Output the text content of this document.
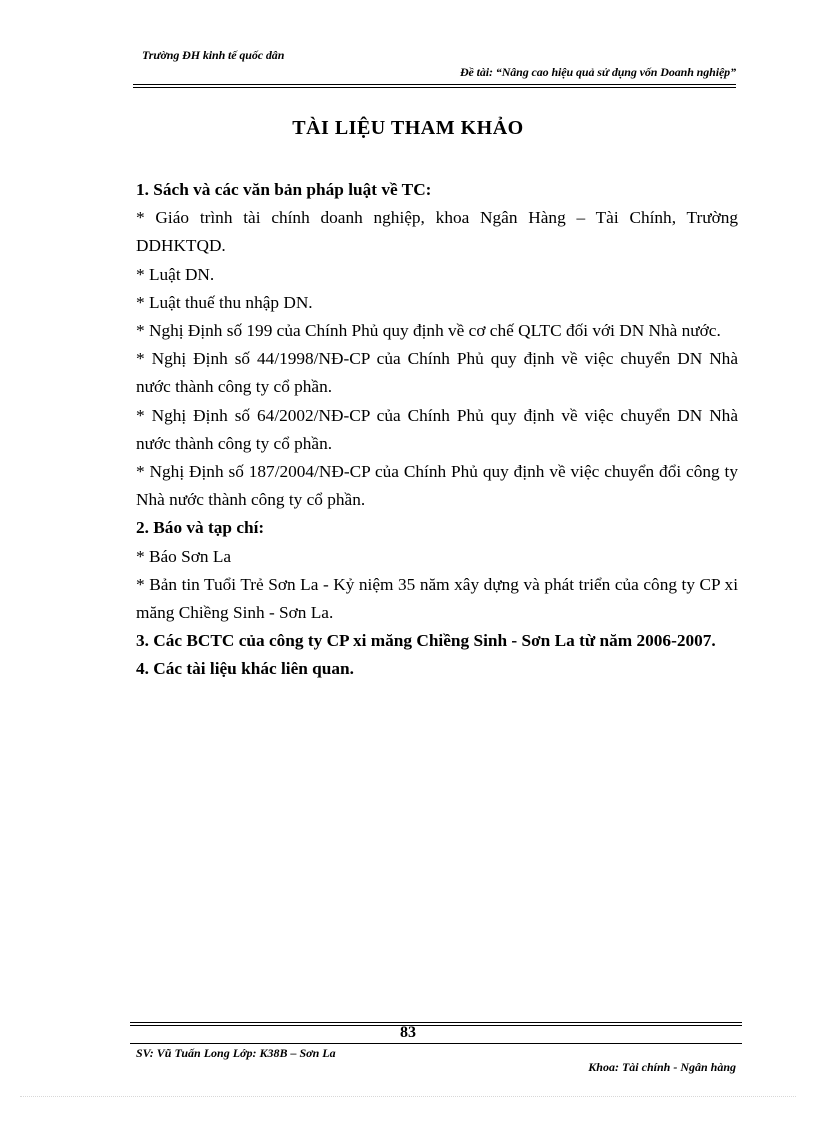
Trường ĐH kinh tế quốc dân
Đề tài: “Nâng cao hiệu quả sử dụng vốn Doanh nghiệp”
TÀI LIỆU THAM KHẢO

1. Sách và các văn bản pháp luật về TC:

* Giáo trình tài chính doanh nghiệp, khoa Ngân Hàng – Tài Chính, Trường DDHKTQD.

* Luật DN.

* Luật thuế thu nhập DN.

* Nghị Định số 199 của Chính Phủ quy định về cơ chế QLTC đối với DN Nhà nước.

* Nghị Định số 44/1998/NĐ-CP của Chính Phủ quy định về việc chuyển DN Nhà nước thành công ty cổ phần.

* Nghị Định số 64/2002/NĐ-CP của Chính Phủ quy định về việc chuyển DN Nhà nước thành công ty cổ phần.

* Nghị Định số 187/2004/NĐ-CP của Chính Phủ quy định về việc chuyển đổi công ty Nhà nước thành công ty cổ phần.

2. Báo và tạp chí:

* Báo Sơn La

* Bản tin Tuổi Trẻ Sơn La - Kỷ niệm 35 năm xây dựng và phát triển của công ty CP xi măng Chiềng Sinh - Sơn La.

3. Các BCTC của công ty CP xi măng Chiềng Sinh - Sơn La từ năm 2006-2007.

4. Các tài liệu khác liên quan.

83
SV: Vũ Tuấn Long Lớp: K38B – Sơn La
Khoa: Tài chính - Ngân hàng
